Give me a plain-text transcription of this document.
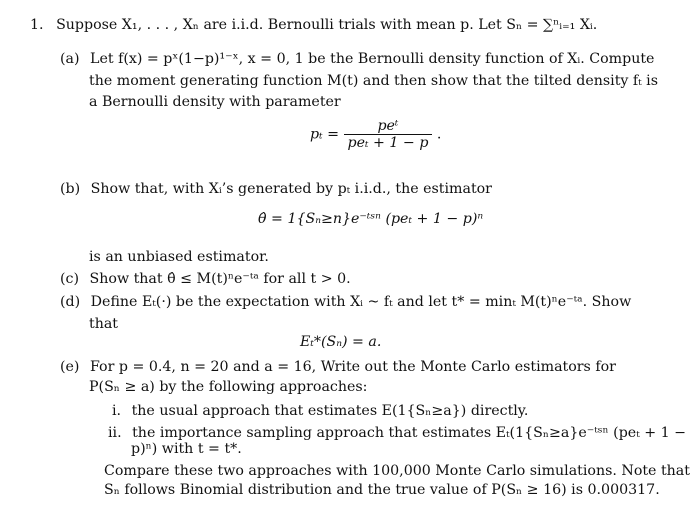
1. Suppose X₁, . . . , Xₙ are i.i.d. Bernoulli trials with mean p. Let Sₙ = ∑ⁿᵢ₌₁ Xᵢ.
(a) Let f(x) = pˣ(1−p)¹⁻ˣ, x = 0, 1 be the Bernoulli density function of Xᵢ. Compute
the moment generating function M(t) and then show that the tilted density fₜ is
a Bernoulli density with parameter
$p_t = \frac{\text{peᵗ}}{\text{peₜ + 1 − p}}$ .
(b) Show that, with Xᵢ’s generated by pₜ i.i.d., the estimator
θ̂ = 1{Sₙ≥n}e⁻ᵗˢⁿ (peₜ + 1 − p)ⁿ
is an unbiased estimator.
(c) Show that θ̂ ≤ M(t)ⁿe⁻ᵗᵃ for all t > 0.
(d) Define Eₜ(·) be the expectation with Xᵢ ~ fₜ and let t* = minₜ M(t)ⁿe⁻ᵗᵃ. Show
that
Eₜ*(Sₙ) = a.
(e) For p = 0.4, n = 20 and a = 16, Write out the Monte Carlo estimators for
P(Sₙ ≥ a) by the following approaches:
i. the usual approach that estimates E(1{Sₙ≥a}) directly.
ii. the importance sampling approach that estimates Eₜ(1{Sₙ≥a}e⁻ᵗˢⁿ (peₜ + 1 −
p)ⁿ) with t = t*.
Compare these two approaches with 100,000 Monte Carlo simulations. Note that
Sₙ follows Binomial distribution and the true value of P(Sₙ ≥ 16) is 0.000317.
